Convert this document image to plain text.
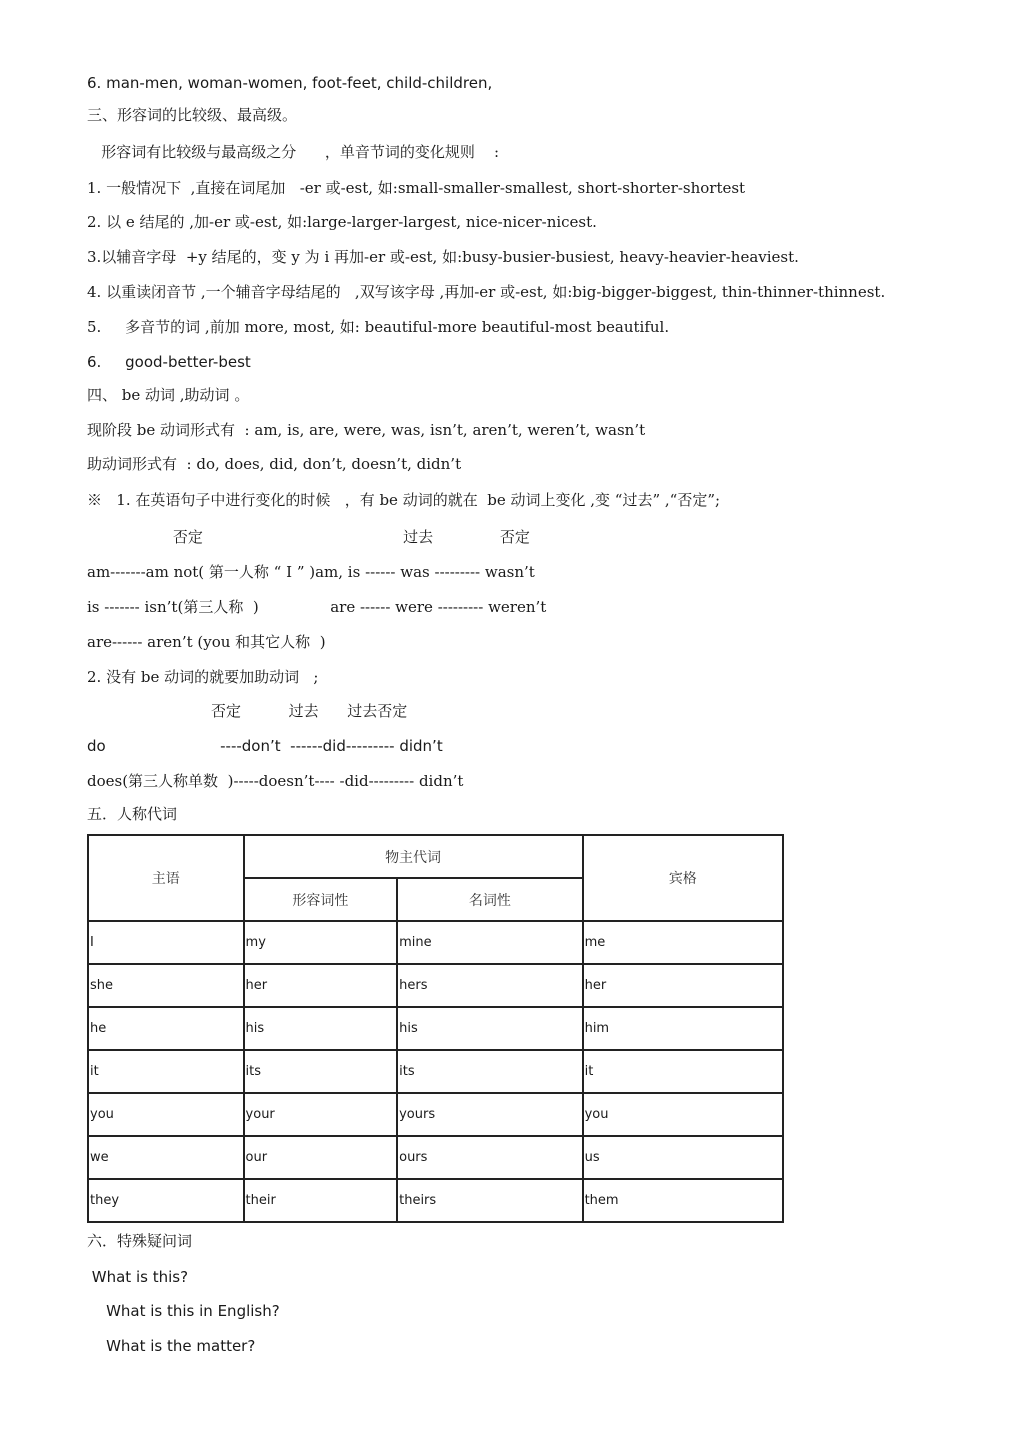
6. man-men, woman-women, foot-feet, child-children,
三、形容词的比较级、最高级。
形容词有比较级与最高级之分      ，单音节词的变化规则    :
1. 一般情况下  ,直接在词尾加   -er 或-est, 如:small-smaller-smallest, short-shorter-shortest
2. 以 e 结尾的 ,加-er 或-est, 如:large-larger-largest, nice-nicer-nicest.
3.以辅音字母  +y 结尾的，变 y 为 i 再加-er 或-est, 如:busy-busier-busiest, heavy-heavier-heaviest.
4. 以重读闭音节 ,一个辅音字母结尾的   ,双写该字母 ,再加-er 或-est, 如:big-bigger-biggest, thin-thinner-thinnest.
5.     多音节的词 ,前加 more, most, 如: beautiful-more beautiful-most beautiful.
6.     good-better-best
四、 be 动词 ,助动词 。
现阶段 be 动词形式有  : am, is, are, were, was, isn’t, aren’t, weren’t, wasn’t
助动词形式有  : do, does, did, don’t, doesn’t, didn’t
※   1. 在英语句子中进行变化的时候   ，有 be 动词的就在  be 动词上变化 ,变 “过去” ,“否定”;
否定                                          过去              否定
am-------am not( 第一人称 “ I ” )am, is ------ was --------- wasn’t
is ------- isn’t(第三人称  )               are ------ were --------- weren’t
are------ aren’t (you 和其它人称  )
2. 没有 be 动词的就要加助动词   ;
否定          过去      过去否定
do                        ----don’t  ------did--------- didn’t
does(第三人称单数  )-----doesn’t---- -did--------- didn’t
五．人称代词
六．特殊疑问词
What is this?
What is this in English?
What is the matter?
主语	物主代词		宾格
	形容词性	名词性	
I	my	mine	me
she	her	hers	her
he	his	his	him
it	its	its	it
you	your	yours	you
we	our	ours	us
they	their	theirs	them
